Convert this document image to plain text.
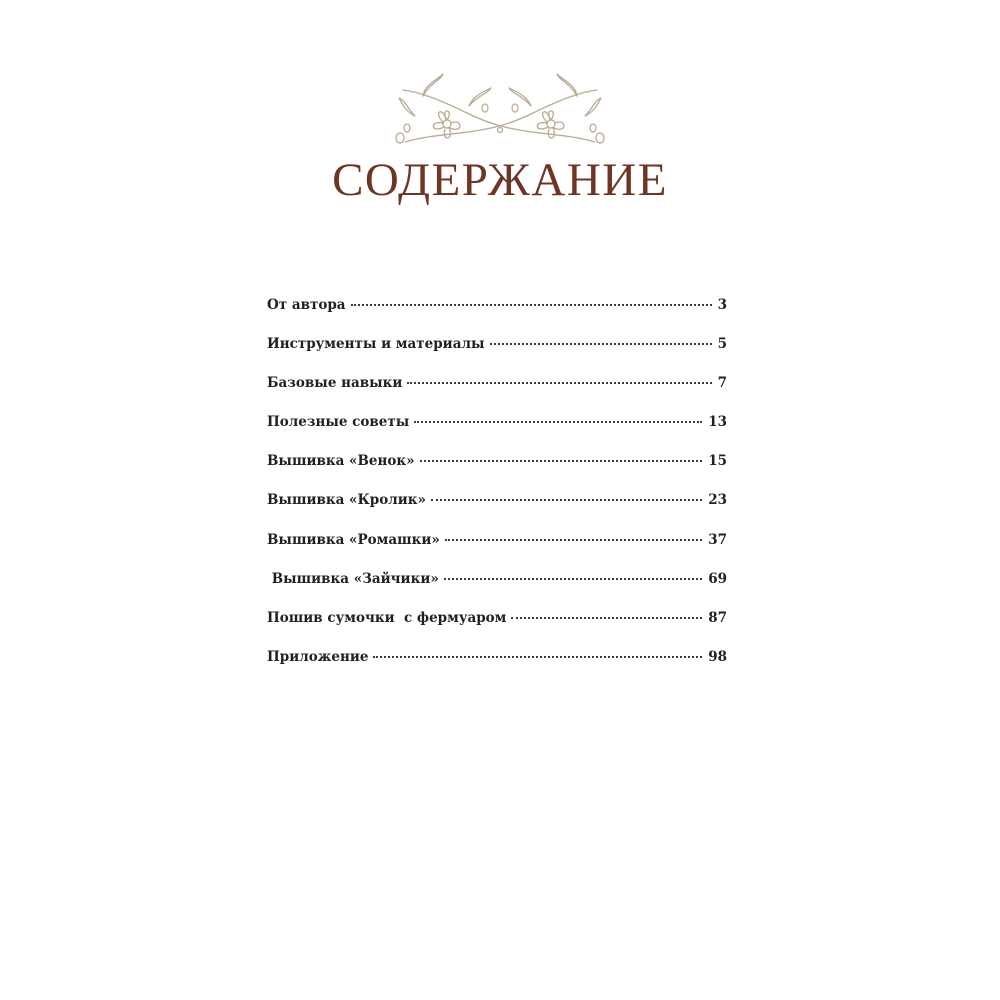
СОДЕРЖАНИЕ
От автора	3
Инструменты и материалы	5
Базовые навыки	7
Полезные советы	13
Вышивка «Венок»	15
Вышивка «Кролик»	23
Вышивка «Ромашки»	37
Вышивка «Зайчики»	69
Пошив сумочки  с фермуаром	87
Приложение	98
